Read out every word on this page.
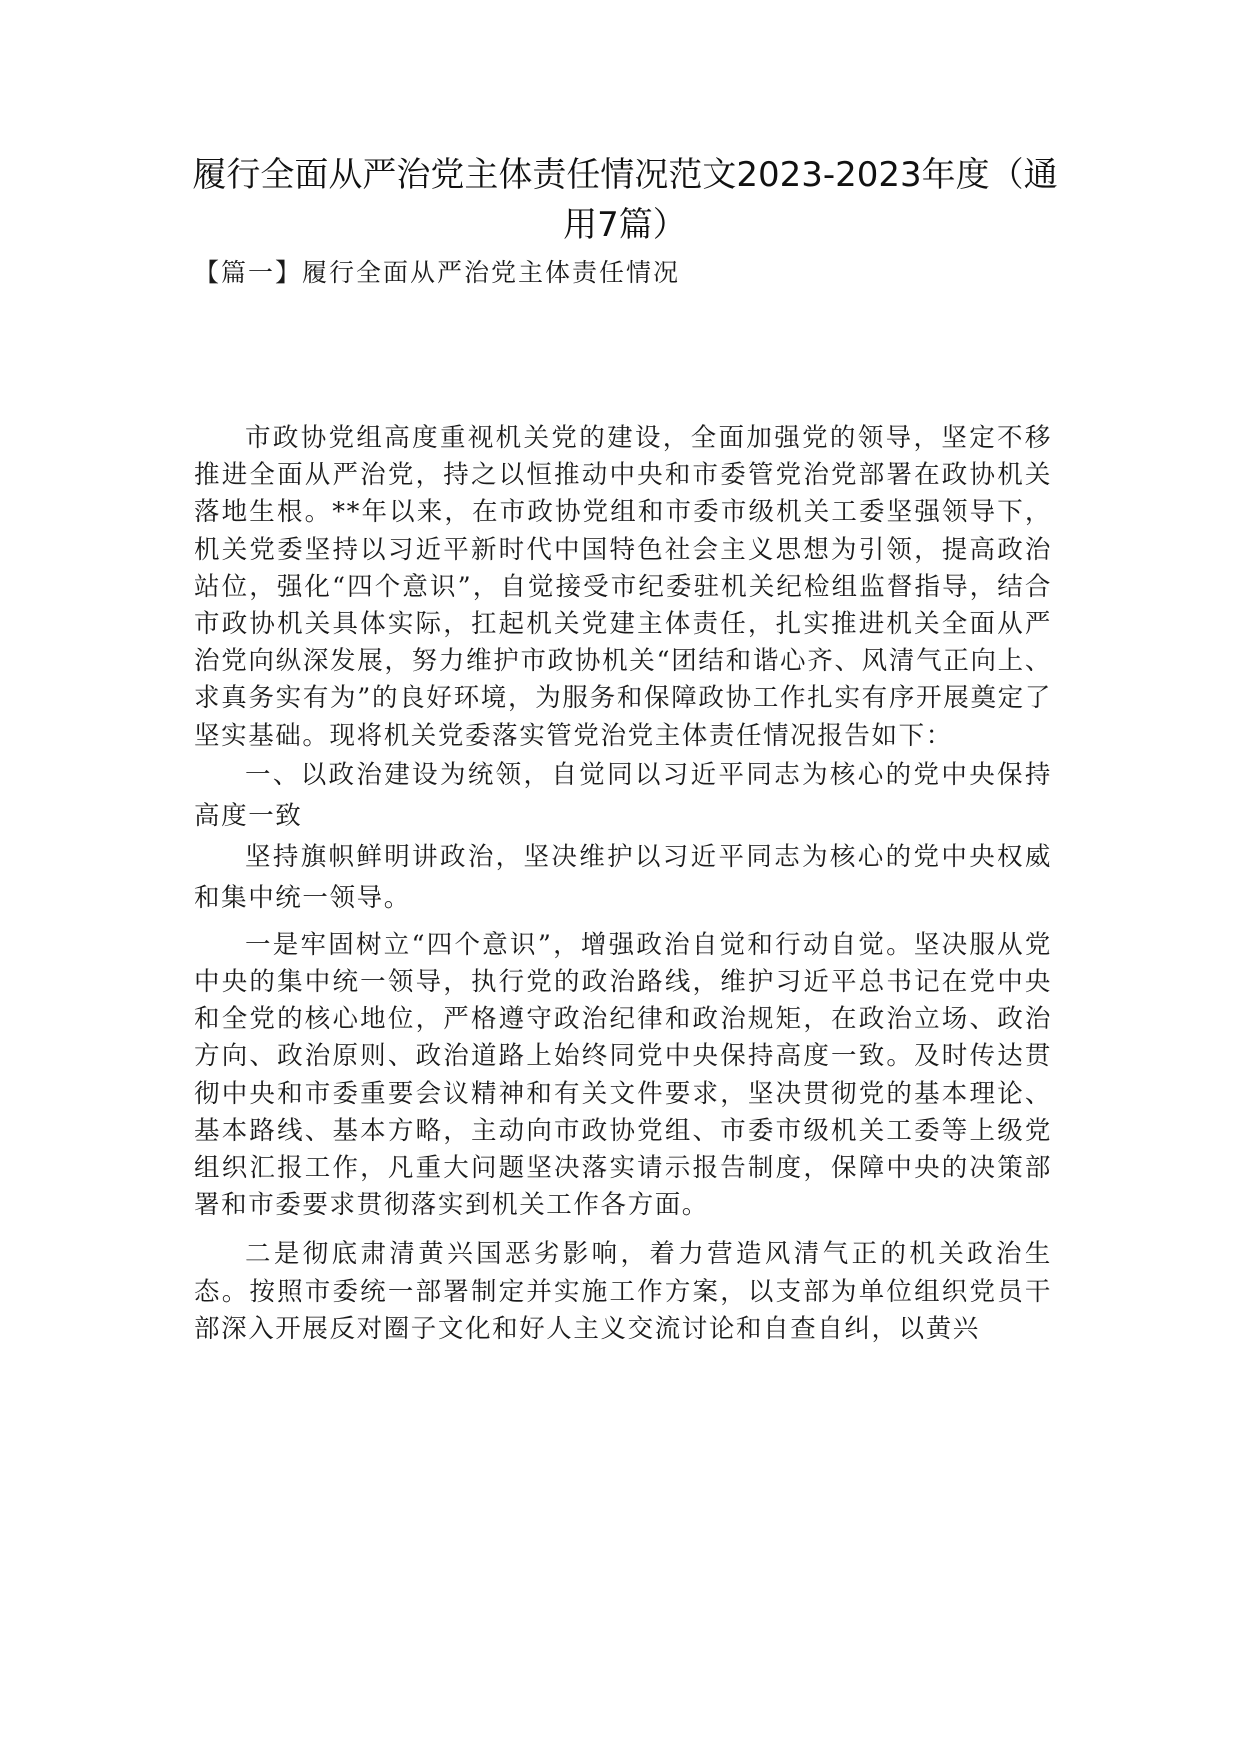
履行全面从严治党主体责任情况范文2023-2023年度（通用7篇）

【篇一】履行全面从严治党主体责任情况

市政协党组高度重视机关党的建设，全面加强党的领导，坚定不移推进全面从严治党，持之以恒推动中央和市委管党治党部署在政协机关落地生根。**年以来，在市政协党组和市委市级机关工委坚强领导下，机关党委坚持以习近平新时代中国特色社会主义思想为引领，提高政治站位，强化“四个意识”，自觉接受市纪委驻机关纪检组监督指导，结合市政协机关具体实际，扛起机关党建主体责任，扎实推进机关全面从严治党向纵深发展，努力维护市政协机关“团结和谐心齐、风清气正向上、求真务实有为”的良好环境，为服务和保障政协工作扎实有序开展奠定了坚实基础。现将机关党委落实管党治党主体责任情况报告如下：

一、以政治建设为统领，自觉同以习近平同志为核心的党中央保持高度一致

坚持旗帜鲜明讲政治，坚决维护以习近平同志为核心的党中央权威和集中统一领导。

一是牢固树立“四个意识”，增强政治自觉和行动自觉。坚决服从党中央的集中统一领导，执行党的政治路线，维护习近平总书记在党中央和全党的核心地位，严格遵守政治纪律和政治规矩，在政治立场、政治方向、政治原则、政治道路上始终同党中央保持高度一致。及时传达贯彻中央和市委重要会议精神和有关文件要求，坚决贯彻党的基本理论、基本路线、基本方略，主动向市政协党组、市委市级机关工委等上级党组织汇报工作，凡重大问题坚决落实请示报告制度，保障中央的决策部署和市委要求贯彻落实到机关工作各方面。

二是彻底肃清黄兴国恶劣影响，着力营造风清气正的机关政治生态。按照市委统一部署制定并实施工作方案，以支部为单位组织党员干部深入开展反对圈子文化和好人主义交流讨论和自查自纠，以黄兴
